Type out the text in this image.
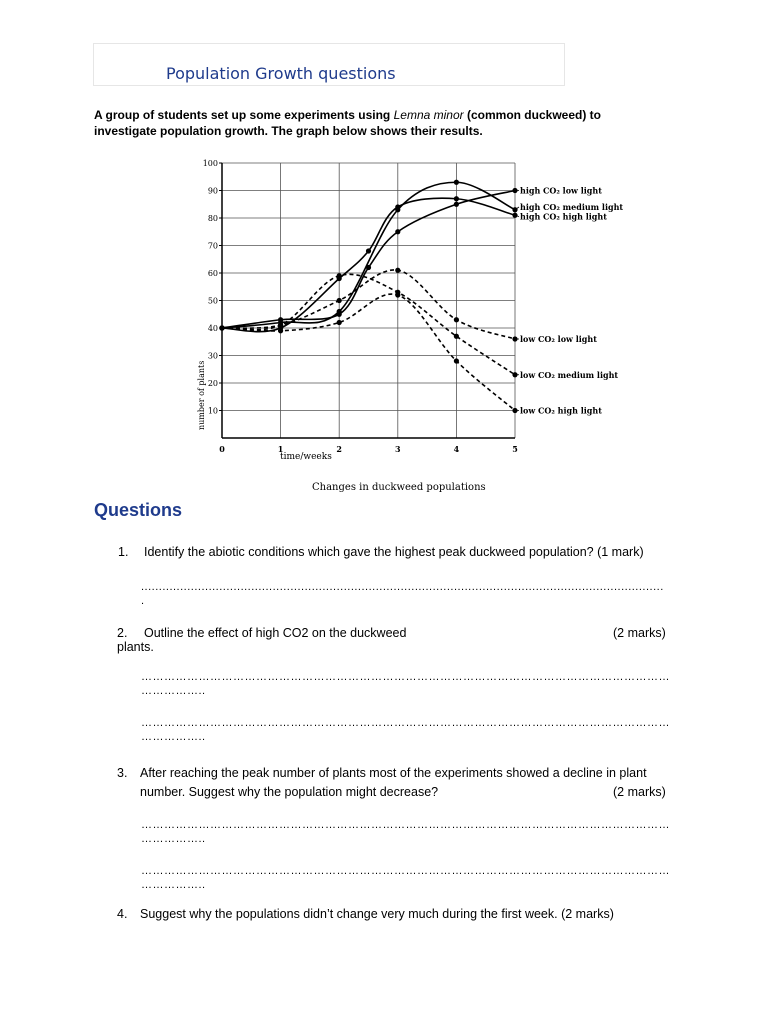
Population Growth questions
A group of students set up some experiments using Lemna minor (common duckweed) to
investigate population growth. The graph below shows their results.
10
20
30
40
50
60
70
80
90
100
0	1	2	3	4	5
high CO₂ low light
high CO₂ medium light
high CO₂ high light
low CO₂ low light
low CO₂ medium light
low CO₂ high light
time/weeks
number of plants
Changes in duckweed populations
Questions
1. Identify the abiotic conditions which gave the highest peak duckweed population? (1 mark)
...................................................................................................................................................
.
2. Outline the effect of high CO2 on the duckweed	(2 marks)
plants.
…………………………………………………………………………………………………………………………
……………..
…………………………………………………………………………………………………………………………
……………..
3. After reaching the peak number of plants most of the experiments showed a decline in plant
number. Suggest why the population might decrease?	(2 marks)
…………………………………………………………………………………………………………………………
……………..
…………………………………………………………………………………………………………………………
……………..
4. Suggest why the populations didn’t change very much during the first week. (2 marks)
